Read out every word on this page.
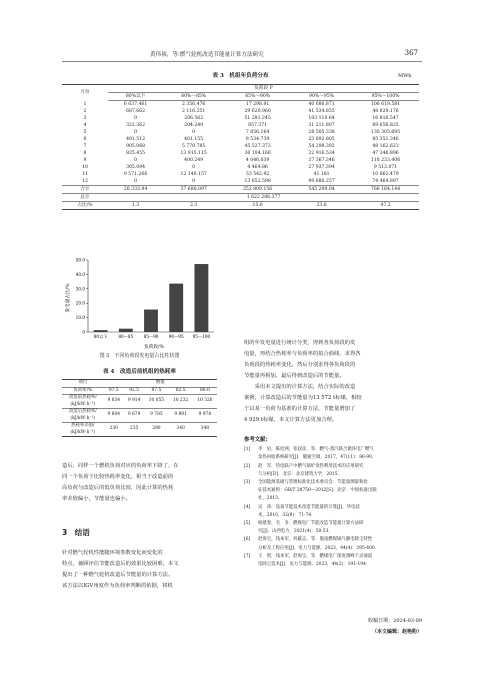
黄伟裕，等:燃气轮机改造节能量计算方法研究	367
表 3　机组年负荷分布	MWh
月份	负荷段 P				
	80%以下	80%～85%	85%～90%	90%～95%	95%～100%
1	6 637.461	2 356.476	17 298.91	40 680.871	106 619.581
2	687.662	2 116.351	29 620.960	41 534.855	48 829.176
3	0	206.562	51 281.245	103 110.64	16 816.547
4	322.362	204.240	857.371	31 211.807	69 656.825
5	0	0	7 856.164	28 505.338	130 305.695
6	491.512	401.155	8 534.739	23 692.805	85 351.346
7	905.068	5 778.785	45 527.373	54 298.392	48 162.623
8	835.455	13 915.115	36 104.166	22 916.534	47 346.896
9	0	400.249	4 046.039	37 367.346	118 233.406
10	305.094	0	4 464.86	27 937.394	9 513.071
11	9 571.266	12 140.157	33 542.92	41 181	10 862.479
12	0	0	13 652.598	90 680.257	74 464.897
合计	20 333.94	37 680.097	252 809.156	545 299.04	766 164.144
总计	1 622 286.377				
占比/%	1.3	2.3	15.6	33.6	47.2
发电量占比/%
负荷段/%
0
10.0
20.0
30.0
40.0
50.0
80以下	80～85 85～90 90～95 95～100
图 5　不同负荷段发电量占比柱状图
表 4　改造后前机组的热耗率
项目	数值				
负荷率/%	97.5	92.5	87.5	82.5	80.0

改造前热耗率/
(kJ/kW·h⁻¹)	9 834	9 914	10 055	10 232	10 326

改造后热耗率/
(kJ/kW·h⁻¹)	9 604	9 679	9 785	9 891	9 978

热耗率差值/
(kJ/kW·h⁻¹)	230	235	290	340	348
造后，同样一个燃机负荷对应的负荷率下降了，在
同一个负荷下比较热耗率变化，相当于改造前的
高负荷与改造后的低负荷比较，因此计算的热耗
率差值偏小，节能量也偏小。
3　结语
针对燃气轮机性能随环境参数变化而变化的
特点，兼顾评估节能改造后的效果比较困难，本文
提出了一种燃气轮机改造后节能量的计算方法。
该方法以IGV角度作为负荷率判断的依据，将机
组的年发电量进行统计分类，得到各负荷段的发
电量，再结合热耗率与负荷率的拟合曲线，求得各
负荷段的热耗率变化，然后分别求得各负荷段的
节能量再相加，最后得到改造后的节能量。
　　采用本文提出的计算方法，结合实际的改造
案例，计算改造后的节能量为13 572 t标煤，相较
于以某一负荷为基准的计算方法，节能量增加了
4 929 t标煤，本文计算方法更加合理。
参考文献:
[1]	李　岩，陈庶洲，张叔彦，等．燃气-蒸汽联合循环电厂燃气
余热回收系统研究[J]．暖通空调，2017，47(11)：86-90．
[2]	赵　军．热电联产中燃气锅炉余热利用技术的应用研究
与分析[D]．北京：北京建筑大学，2015．
[3]	全国能源基础与管理标准化技术委员会．节能量测量和验
证技术通则：GB/T 28750—2012[S]．北京：中国标准出版
社，2013．
[4]	吴　涛．设备节能技术改造节能量的计算[J]．华电技
术，2010，32(9)：71-74．
[5]	杨建春，毛　争．燃煤电厂节能改造节能量计算方法研
究[J]．山西电力，2021(4)：50-53．
[6]	赵海宝，钱本军，何蔽志，等．施南燃煤锅气静电除尘特性
分析及工程应用[J]．电力与能源，2023，44(4)：395-400．
[7]	王　智，钱本军，赵海宝，等．燃煤电厂深度调峰下灵通道
电除尘技术[J]．电力与能源，2023，44(2)：191-194．
收稿日期：2024-03-09
（本文编辑：赵艳粉）
